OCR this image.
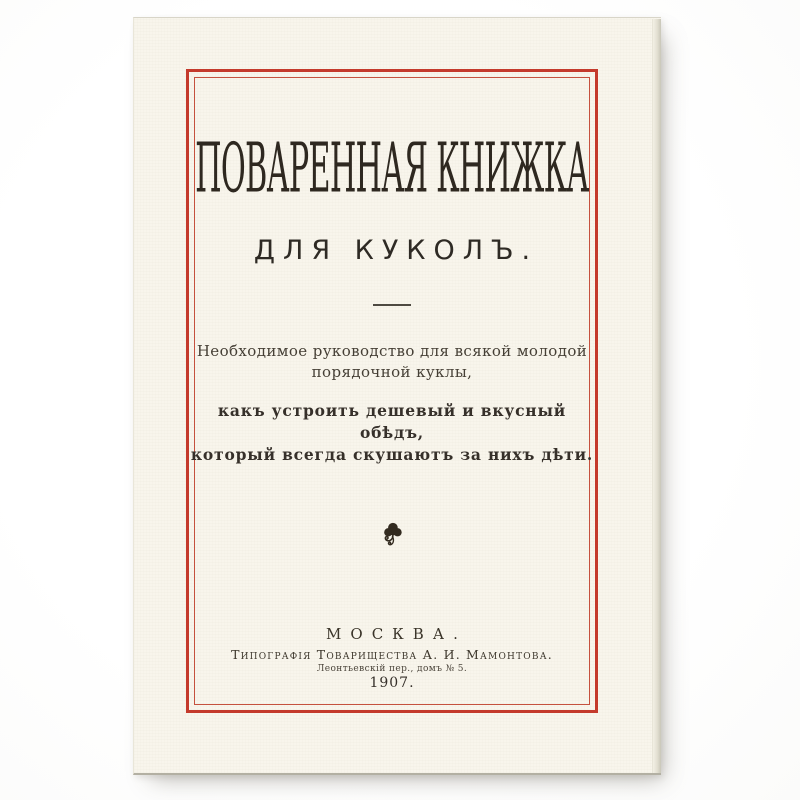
ПОВАРЕННАЯ КНИЖКА
ДЛЯ КУКОЛЪ.
Необходимое руководство для всякой молодой
порядочной куклы,
какъ устроить дешевый и вкусный обѣдъ,
который всегда скушаютъ за нихъ дѣти.
МОСКВА.
Типографія Товарищества А. И. Мамонтова.
Леонтьевскій пер., домъ № 5.
1907.
